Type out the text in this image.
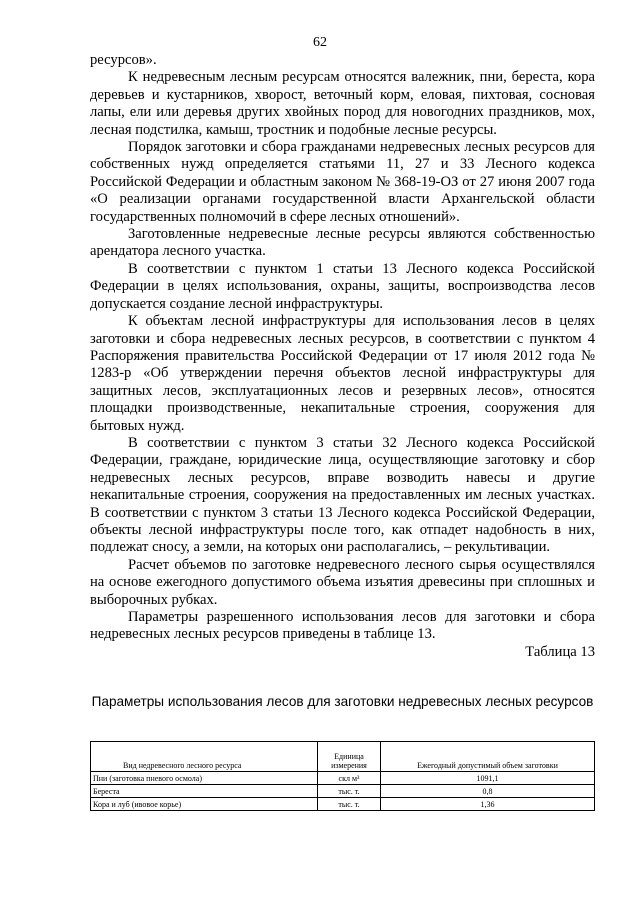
62

ресурсов».

К недревесным лесным ресурсам относятся валежник, пни, береста, кора деревьев и кустарников, хворост, веточный корм, еловая, пихтовая, сосновая лапы, ели или деревья других хвойных пород для новогодних праздников, мох, лесная подстилка, камыш, тростник и подобные лесные ресурсы.

Порядок заготовки и сбора гражданами недревесных лесных ресурсов для собственных нужд определяется статьями 11, 27 и 33 Лесного кодекса Российской Федерации и областным законом № 368-19-ОЗ от 27 июня 2007 года «О реализации органами государственной власти Архангельской области государственных полномочий в сфере лесных отношений».

Заготовленные недревесные лесные ресурсы являются собственностью арендатора лесного участка.

В соответствии с пунктом 1 статьи 13 Лесного кодекса Российской Федерации в целях использования, охраны, защиты, воспроизводства лесов допускается создание лесной инфраструктуры.

К объектам лесной инфраструктуры для использования лесов в целях заготовки и сбора недревесных лесных ресурсов, в соответствии с пунктом 4 Распоряжения правительства Российской Федерации от 17 июля 2012 года № 1283-р «Об утверждении перечня объектов лесной инфраструктуры для защитных лесов, эксплуатационных лесов и резервных лесов», относятся площадки производственные, некапитальные строения, сооружения для бытовых нужд.

В соответствии с пунктом 3 статьи 32 Лесного кодекса Российской Федерации, граждане, юридические лица, осуществляющие заготовку и сбор недревесных лесных ресурсов, вправе возводить навесы и другие некапитальные строения, сооружения на предоставленных им лесных участках. В соответствии с пунктом 3 статьи 13 Лесного кодекса Российской Федерации, объекты лесной инфраструктуры после того, как отпадет надобность в них, подлежат сносу, а земли, на которых они располагались, – рекультивации.

Расчет объемов по заготовке недревесного лесного сырья осуществлялся на основе ежегодного допустимого объема изъятия древесины при сплошных и выборочных рубках.

Параметры разрешенного использования лесов для заготовки и сбора недревесных лесных ресурсов приведены в таблице 13.

Таблица 13

Параметры использования лесов для заготовки недревесных лесных ресурсов
Вид недревесного лесного ресурса	Единица измерения	Ежегодный допустимый объем заготовки
Пни (заготовка пневого осмола)	скл м³	1091,1
Береста	тыс. т.	0,8
Кора и луб (ивовое корье)	тыс. т.	1,36
